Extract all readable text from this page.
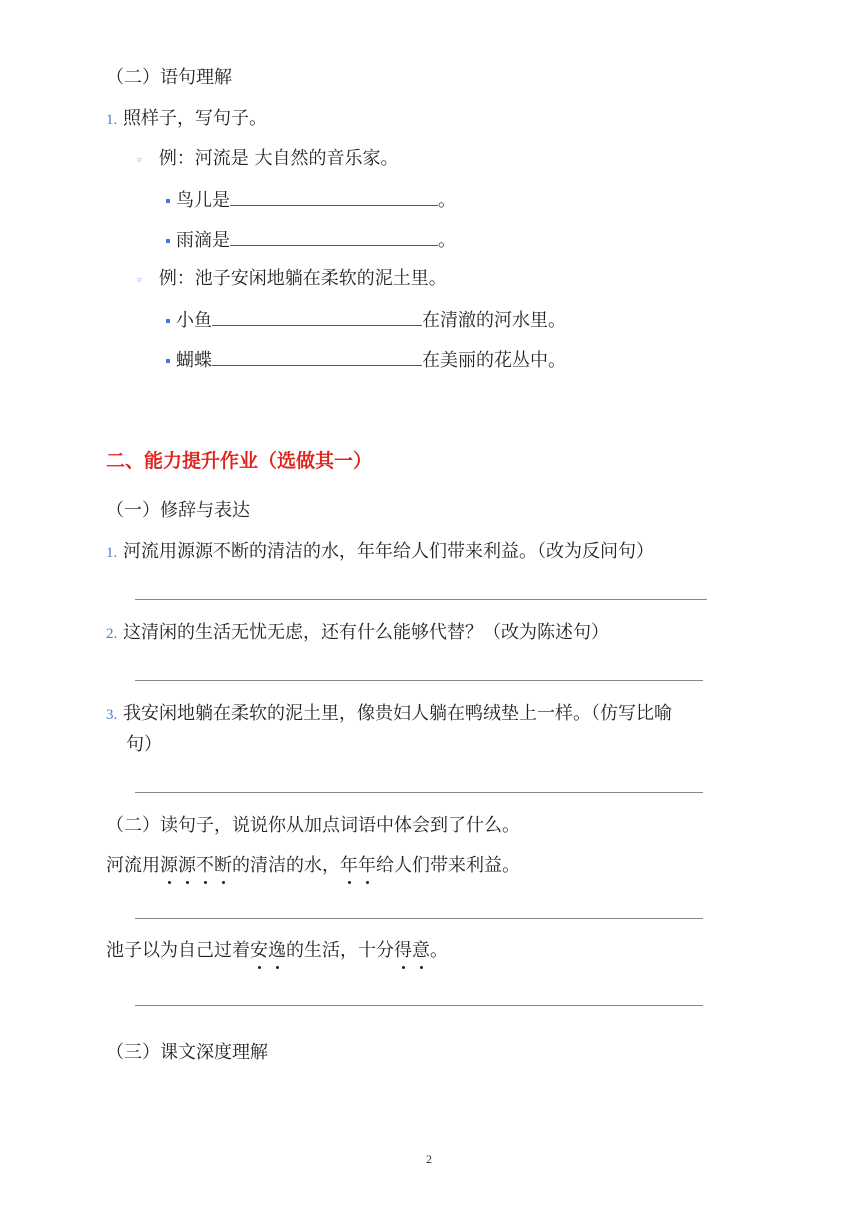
（二）语句理解
1. 照样子，写句子。
◦ 例：河流是 大自然的音乐家。
鸟儿是	。
雨滴是	。
◦ 例：池子安闲地躺在柔软的泥土里。
小鱼	在清澈的河水里。
蝴蝶	在美丽的花丛中。
二、能力提升作业（选做其一）
（一）修辞与表达
1. 河流用源源不断的清洁的水，年年给人们带来利益。（改为反问句）
2. 这清闲的生活无忧无虑，还有什么能够代替？（改为陈述句）
3. 我安闲地躺在柔软的泥土里，像贵妇人躺在鸭绒垫上一样。（仿写比喻
句）
（二）读句子，说说你从加点词语中体会到了什么。
河流用源源不断的清洁的水，年年给人们带来利益。
池子以为自己过着安逸的生活，十分得意。
（三）课文深度理解
2
